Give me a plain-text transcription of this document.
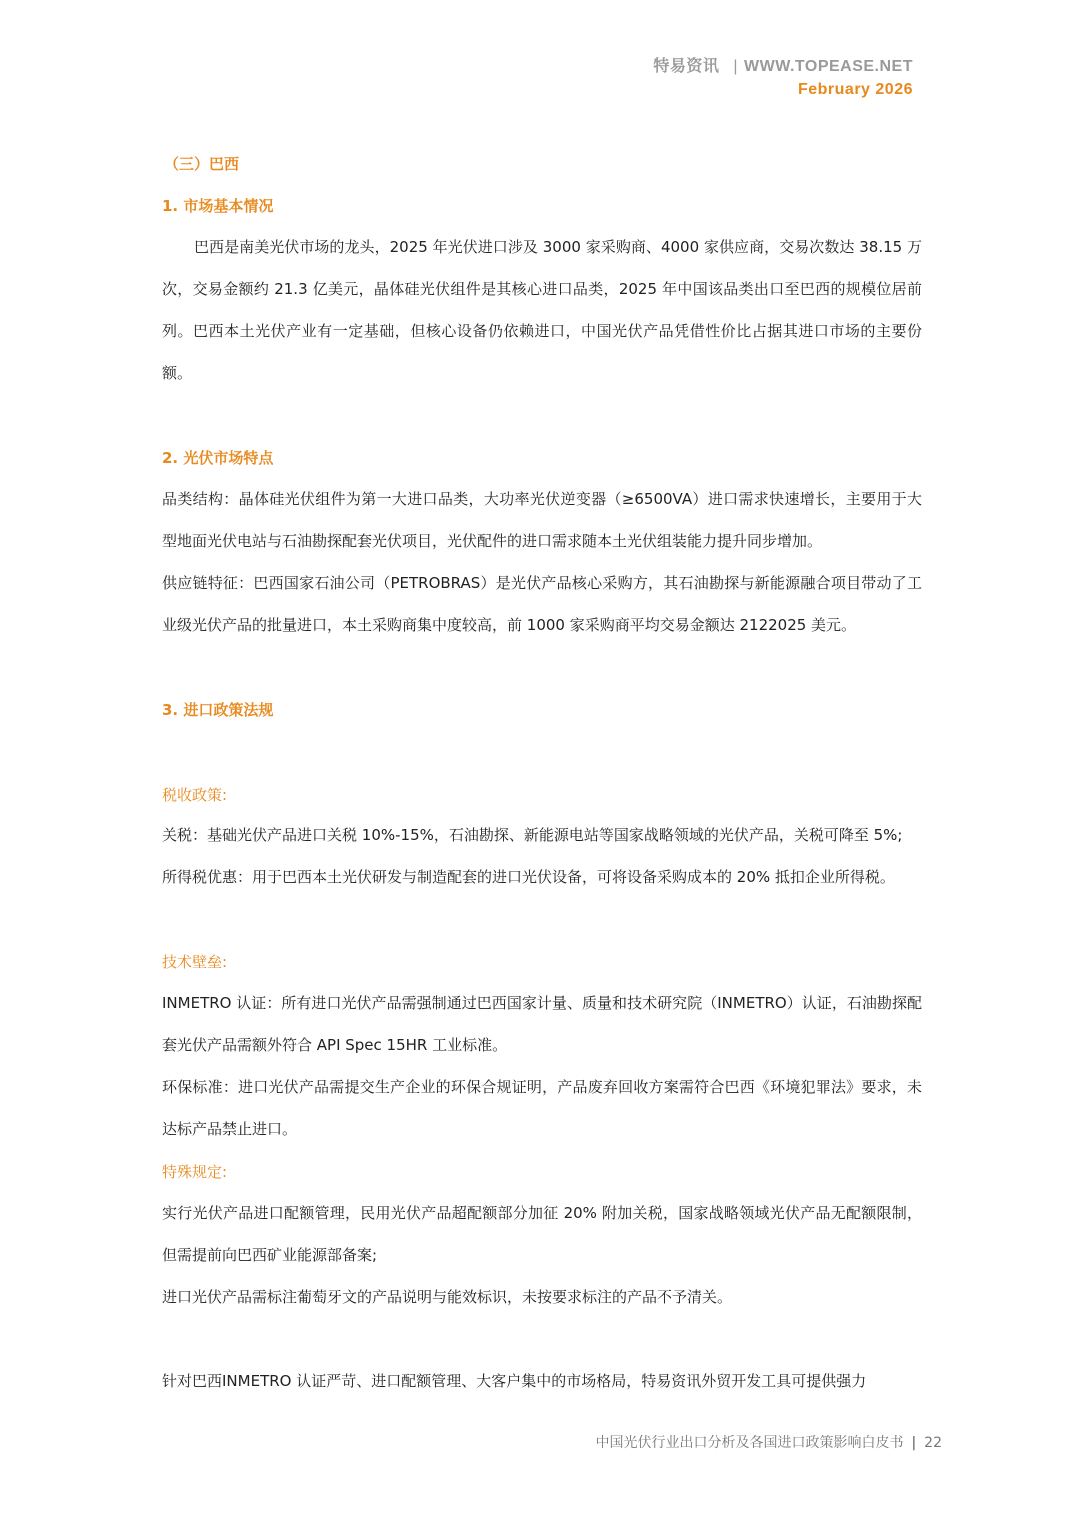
特易资讯 | WWW.TOPEASE.NET
February 2026
（三）巴西
1. 市场基本情况
巴西是南美光伏市场的龙头，2025 年光伏进口涉及 3000 家采购商、4000 家供应商，交易次数达 38.15 万次，交易金额约 21.3 亿美元，晶体硅光伏组件是其核心进口品类，2025 年中国该品类出口至巴西的规模位居前列。巴西本土光伏产业有一定基础，但核心设备仍依赖进口，中国光伏产品凭借性价比占据其进口市场的主要份额。
2. 光伏市场特点
品类结构：晶体硅光伏组件为第一大进口品类，大功率光伏逆变器（≥6500VA）进口需求快速增长，主要用于大型地面光伏电站与石油勘探配套光伏项目，光伏配件的进口需求随本土光伏组装能力提升同步增加。
供应链特征：巴西国家石油公司（PETROBRAS）是光伏产品核心采购方，其石油勘探与新能源融合项目带动了工业级光伏产品的批量进口，本土采购商集中度较高，前 1000 家采购商平均交易金额达 2122025 美元。
3. 进口政策法规
税收政策:
关税：基础光伏产品进口关税 10%-15%，石油勘探、新能源电站等国家战略领域的光伏产品，关税可降至 5%;
所得税优惠：用于巴西本土光伏研发与制造配套的进口光伏设备，可将设备采购成本的 20% 抵扣企业所得税。
技术壁垒:
INMETRO 认证：所有进口光伏产品需强制通过巴西国家计量、质量和技术研究院（INMETRO）认证，石油勘探配套光伏产品需额外符合 API Spec 15HR 工业标准。
环保标准：进口光伏产品需提交生产企业的环保合规证明，产品废弃回收方案需符合巴西《环境犯罪法》要求，未达标产品禁止进口。
特殊规定:
实行光伏产品进口配额管理，民用光伏产品超配额部分加征 20% 附加关税，国家战略领域光伏产品无配额限制，但需提前向巴西矿业能源部备案;
进口光伏产品需标注葡萄牙文的产品说明与能效标识，未按要求标注的产品不予清关。
针对巴西INMETRO 认证严苛、进口配额管理、大客户集中的市场格局，特易资讯外贸开发工具可提供强力
中国光伏行业出口分析及各国进口政策影响白皮书 | 22
